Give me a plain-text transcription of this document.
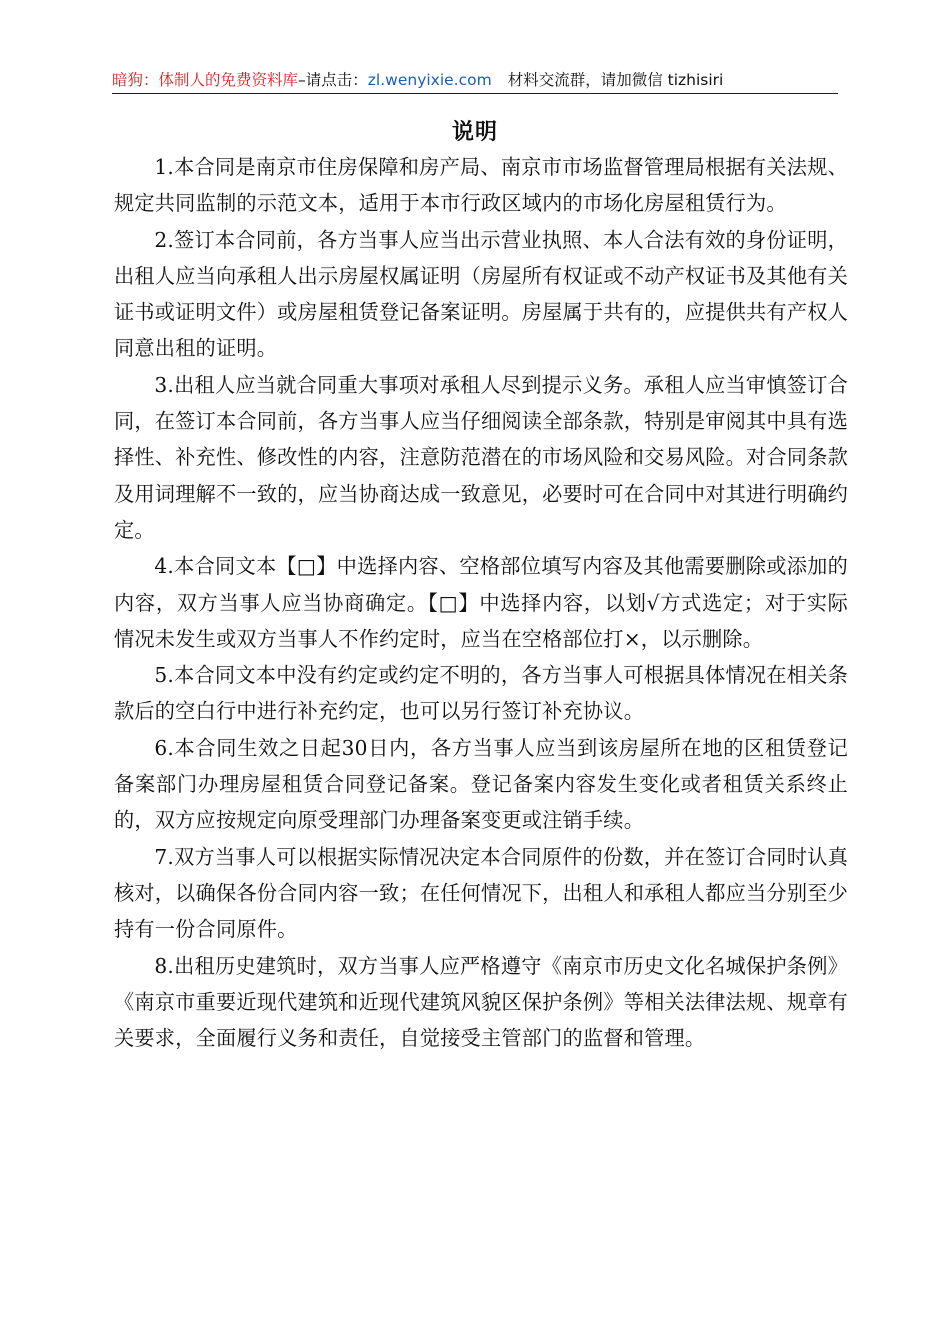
暗狗：体制人的免费资料库–请点击：zl.wenyixie.com 材料交流群，请加微信 tizhisiri
说明

1.本合同是南京市住房保障和房产局、南京市市场监督管理局根据有关法规、规定共同监制的示范文本，适用于本市行政区域内的市场化房屋租赁行为。

2.签订本合同前，各方当事人应当出示营业执照、本人合法有效的身份证明，出租人应当向承租人出示房屋权属证明（房屋所有权证或不动产权证书及其他有关证书或证明文件）或房屋租赁登记备案证明。房屋属于共有的，应提供共有产权人同意出租的证明。

3.出租人应当就合同重大事项对承租人尽到提示义务。承租人应当审慎签订合同，在签订本合同前，各方当事人应当仔细阅读全部条款，特别是审阅其中具有选择性、补充性、修改性的内容，注意防范潜在的市场风险和交易风险。对合同条款及用词理解不一致的，应当协商达成一致意见，必要时可在合同中对其进行明确约定。

4.本合同文本【□】中选择内容、空格部位填写内容及其他需要删除或添加的内容，双方当事人应当协商确定。【□】中选择内容，以划√方式选定；对于实际情况未发生或双方当事人不作约定时，应当在空格部位打×，以示删除。

5.本合同文本中没有约定或约定不明的，各方当事人可根据具体情况在相关条款后的空白行中进行补充约定，也可以另行签订补充协议。

6.本合同生效之日起30日内，各方当事人应当到该房屋所在地的区租赁登记备案部门办理房屋租赁合同登记备案。登记备案内容发生变化或者租赁关系终止的，双方应按规定向原受理部门办理备案变更或注销手续。

7.双方当事人可以根据实际情况决定本合同原件的份数，并在签订合同时认真核对，以确保各份合同内容一致；在任何情况下，出租人和承租人都应当分别至少持有一份合同原件。

8.出租历史建筑时，双方当事人应严格遵守《南京市历史文化名城保护条例》《南京市重要近现代建筑和近现代建筑风貌区保护条例》等相关法律法规、规章有关要求，全面履行义务和责任，自觉接受主管部门的监督和管理。
